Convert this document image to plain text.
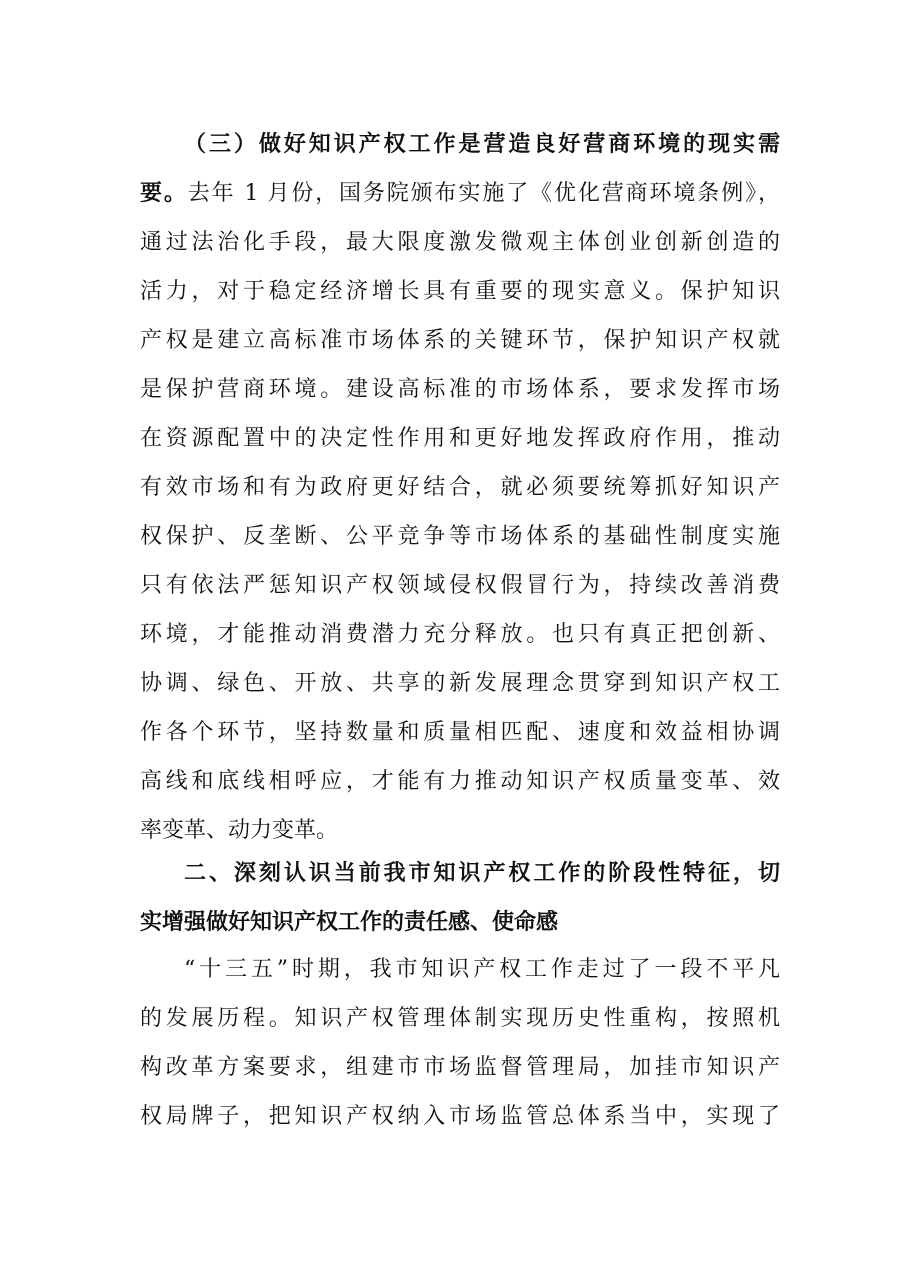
（三）做好知识产权工作是营造良好营商环境的现实需
要。去年 1 月份，国务院颁布实施了《优化营商环境条例》，
通过法治化手段，最大限度激发微观主体创业创新创造的
活力，对于稳定经济增长具有重要的现实意义。保护知识
产权是建立高标准市场体系的关键环节，保护知识产权就
是保护营商环境。建设高标准的市场体系，要求发挥市场
在资源配置中的决定性作用和更好地发挥政府作用，推动
有效市场和有为政府更好结合，就必须要统筹抓好知识产
权保护、反垄断、公平竞争等市场体系的基础性制度实施
只有依法严惩知识产权领域侵权假冒行为，持续改善消费
环境，才能推动消费潜力充分释放。也只有真正把创新、
协调、绿色、开放、共享的新发展理念贯穿到知识产权工
作各个环节，坚持数量和质量相匹配、速度和效益相协调
高线和底线相呼应，才能有力推动知识产权质量变革、效
率变革、动力变革。
二、深刻认识当前我市知识产权工作的阶段性特征，切
实增强做好知识产权工作的责任感、使命感
“十三五”时期，我市知识产权工作走过了一段不平凡
的发展历程。知识产权管理体制实现历史性重构，按照机
构改革方案要求，组建市市场监督管理局，加挂市知识产
权局牌子，把知识产权纳入市场监管总体系当中，实现了
